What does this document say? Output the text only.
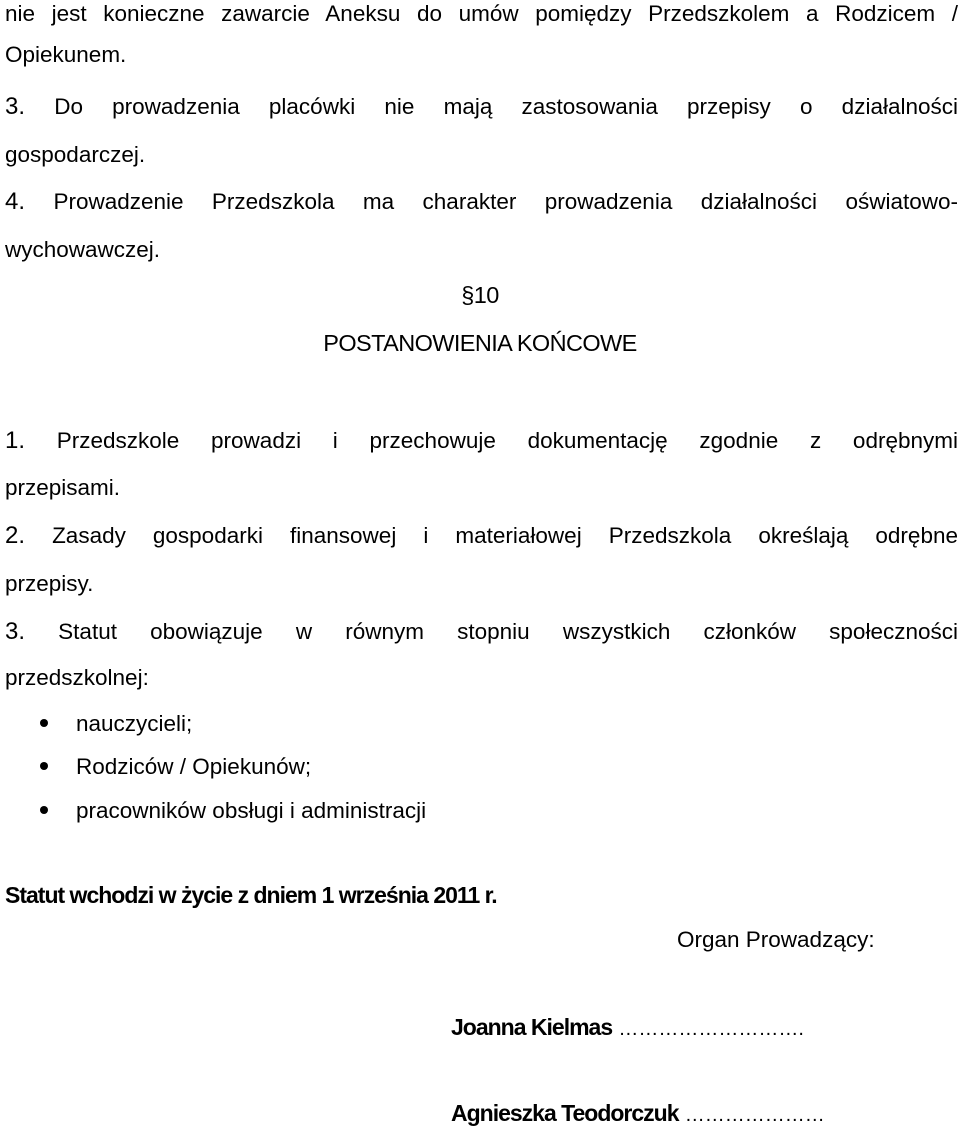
nie jest konieczne zawarcie Aneksu do umów pomiędzy Przedszkolem a Rodzicem /
Opiekunem.
3. Do prowadzenia placówki nie mają zastosowania przepisy o działalności
gospodarczej.
4. Prowadzenie Przedszkola ma charakter prowadzenia działalności oświatowo-
wychowawczej.
§10
POSTANOWIENIA KOŃCOWE
1. Przedszkole prowadzi i przechowuje dokumentację zgodnie z odrębnymi
przepisami.
2. Zasady gospodarki finansowej i materiałowej Przedszkola określają odrębne
przepisy.
3. Statut obowiązuje w równym stopniu wszystkich członków społeczności
przedszkolnej:
nauczycieli;
Rodziców / Opiekunów;
pracowników obsługi i administracji
Statut wchodzi w życie z dniem 1 września 2011 r.
Organ Prowadzący:
Joanna Kielmas ……………………….
Agnieszka Teodorczuk …………………
